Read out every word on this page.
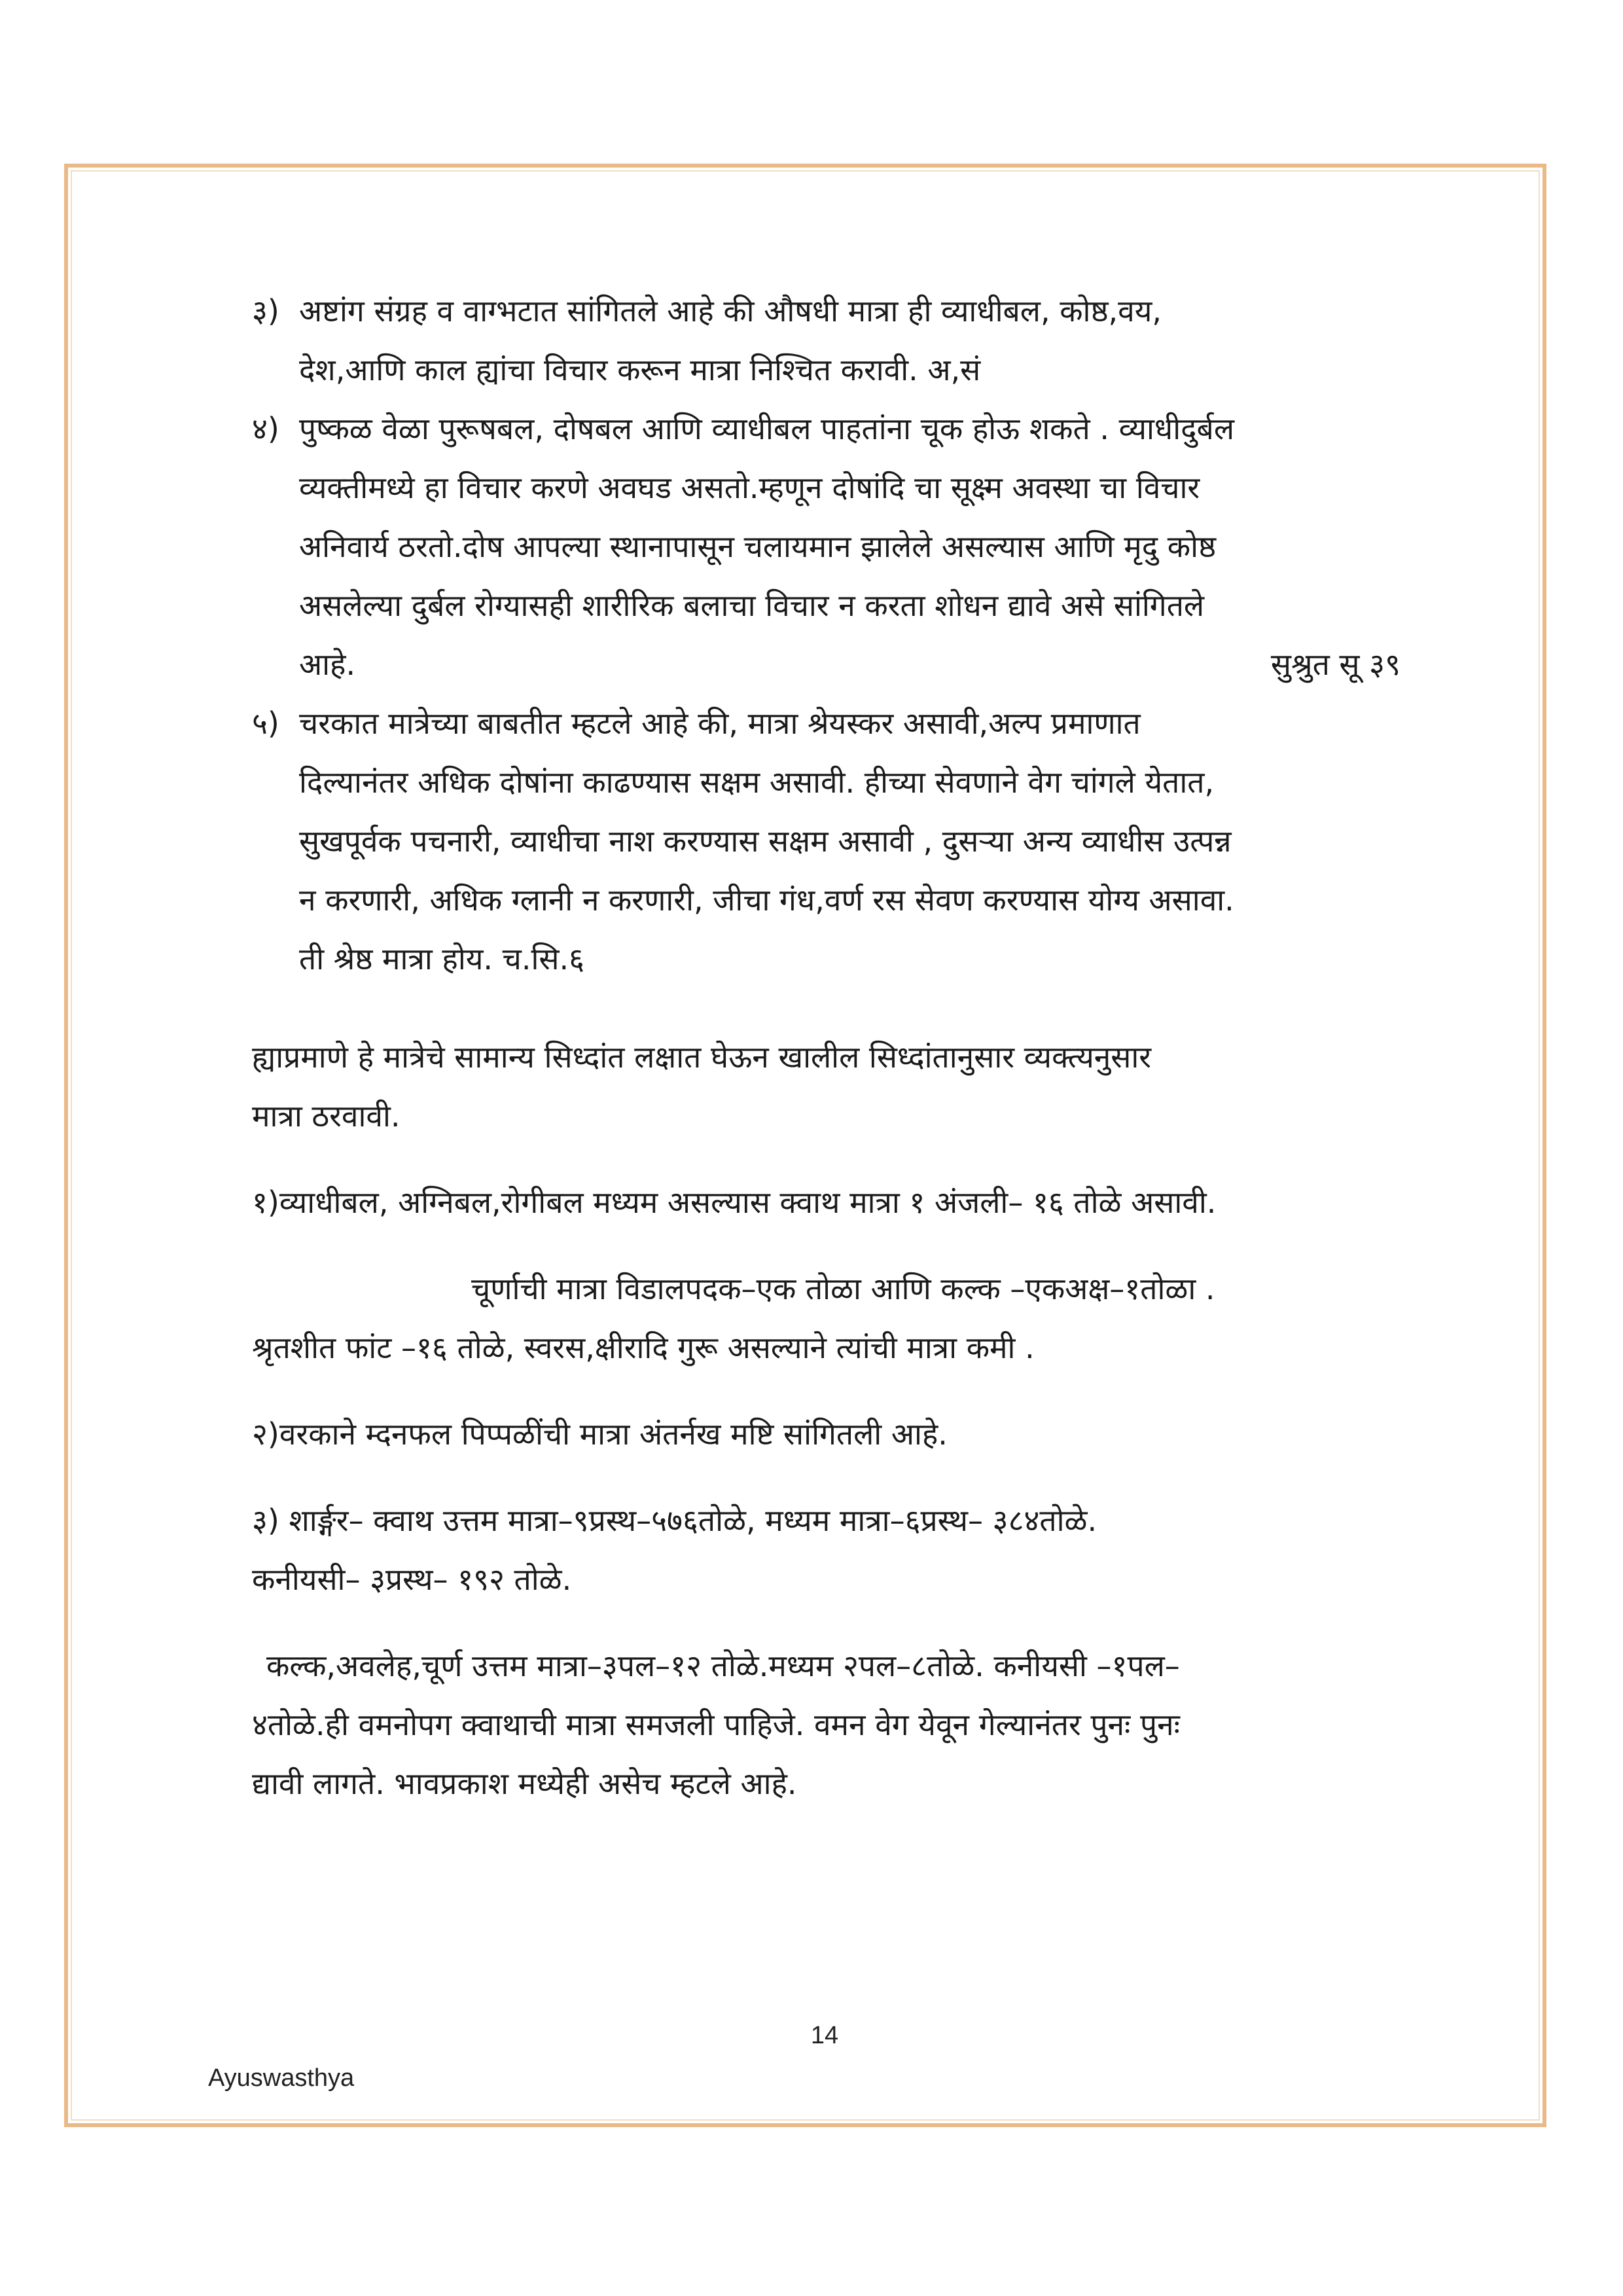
३) अष्टांग संग्रह व वाग्भटात सांगितले आहे की औषधी मात्रा ही व्याधीबल, कोष्ठ,वय,
देश,आणि काल ह्यांचा विचार करून मात्रा निश्चित करावी. अ,सं
४) पुष्कळ वेळा पुरूषबल, दोषबल आणि व्याधीबल पाहतांना चूक होऊ शकते . व्याधीदुर्बल
व्यक्तीमध्ये हा विचार करणे अवघड असतो.म्हणून दोषांदि चा सूक्ष्म अवस्था चा विचार
अनिवार्य ठरतो.दोष आपल्या स्थानापासून चलायमान झालेले असल्यास आणि मृदु कोष्ठ
असलेल्या दुर्बल रोग्यासही शारीरिक बलाचा विचार न करता शोधन द्यावे असे सांगितले
आहे.	सुश्रुत सू ३९
५) चरकात मात्रेच्या बाबतीत म्हटले आहे की, मात्रा श्रेयस्कर असावी,अल्प प्रमाणात
दिल्यानंतर अधिक दोषांना काढण्यास सक्षम असावी. हीच्या सेवणाने वेग चांगले येतात,
सुखपूर्वक पचनारी, व्याधीचा नाश करण्यास सक्षम असावी , दुसऱ्या अन्य व्याधीस उत्पन्न
न करणारी, अधिक ग्लानी न करणारी, जीचा गंध,वर्ण रस सेवण करण्यास योग्य असावा.
ती श्रेष्ठ मात्रा होय. च.सि.६
ह्याप्रमाणे हे मात्रेचे सामान्य सिध्दांत लक्षात घेऊन खालील सिध्दांतानुसार व्यक्त्यनुसार
मात्रा ठरवावी.
१)व्याधीबल, अग्निबल,रोगीबल मध्यम असल्यास क्वाथ मात्रा १ अंजली– १६ तोळे असावी.
चूर्णाची मात्रा विडालपदक–एक तोळा आणि कल्क –एकअक्ष–१तोळा .
श्रृतशीत फांट –१६ तोळे, स्वरस,क्षीरादि गुरू असल्याने त्यांची मात्रा कमी .
२)वरकाने म्दनफल पिप्पळींची मात्रा अंतर्नख मष्टि सांगितली आहे.
३) शार्ङ्गर– क्वाथ उत्तम मात्रा–९प्रस्थ–५७६तोळे, मध्यम मात्रा–६प्रस्थ– ३८४तोळे.
कनीयसी– ३प्रस्थ– १९२ तोळे.
कल्क,अवलेह,चूर्ण उत्तम मात्रा–३पल–१२ तोळे.मध्यम २पल–८तोळे. कनीयसी –१पल–
४तोळे.ही वमनोपग क्वाथाची मात्रा समजली पाहिजे. वमन वेग येवून गेल्यानंतर पुनः पुनः
द्यावी लागते. भावप्रकाश मध्येही असेच म्हटले आहे.
14
Ayuswasthya
